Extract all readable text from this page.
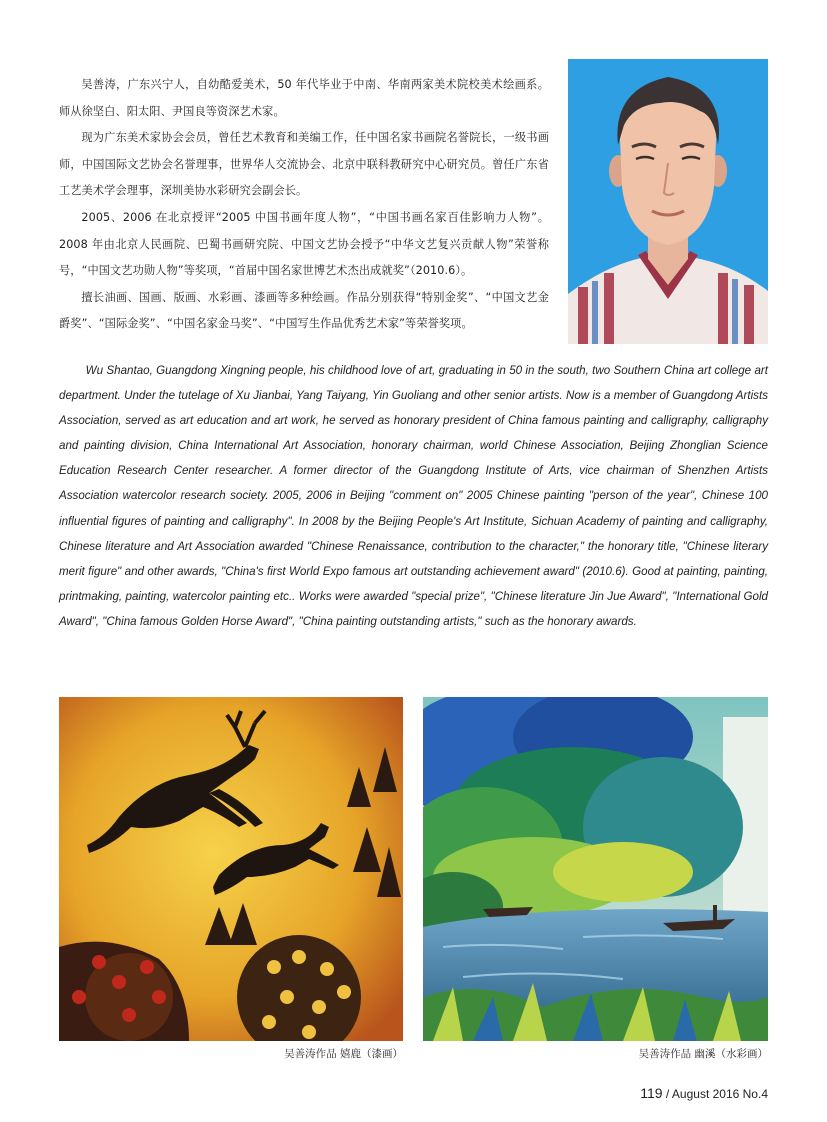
吴善涛，广东兴宁人，自幼酷爱美术，50 年代毕业于中南、华南两家美术院校美术绘画系。师从徐坚白、阳太阳、尹国良等资深艺术家。

现为广东美术家协会会员，曾任艺术教育和美编工作，任中国名家书画院名誉院长，一级书画师，中国国际文艺协会名誉理事，世界华人交流协会、北京中联科教研究中心研究员。曾任广东省工艺美术学会理事，深圳美协水彩研究会副会长。

2005、2006 在北京授评“2005 中国书画年度人物”，“中国书画名家百佳影响力人物”。2008 年由北京人民画院、巴蜀书画研究院、中国文艺协会授予“中华文艺复兴贡献人物”荣誉称号，“中国文艺功勋人物”等奖项，“首届中国名家世博艺术杰出成就奖”（2010.6）。

擅长油画、国画、版画、水彩画、漆画等多种绘画。作品分别获得“特别金奖”、“中国文艺金爵奖”、“国际金奖”、“中国名家金马奖”、“中国写生作品优秀艺术家”等荣誉奖项。

Wu Shantao, Guangdong Xingning people, his childhood love of art, graduating in 50 in the south, two Southern China art college art department. Under the tutelage of Xu Jianbai, Yang Taiyang, Yin Guoliang and other senior artists. Now is a member of Guangdong Artists Association, served as art education and art work, he served as honorary president of China famous painting and calligraphy, calligraphy and painting division, China International Art Association, honorary chairman, world Chinese Association, Beijing Zhonglian Science Education Research Center researcher. A former director of the Guangdong Institute of Arts, vice chairman of Shenzhen Artists Association watercolor research society. 2005, 2006 in Beijing "comment on" 2005 Chinese painting "person of the year", Chinese 100 influential figures of painting and calligraphy". In 2008 by the Beijing People's Art Institute, Sichuan Academy of painting and calligraphy, Chinese literature and Art Association awarded "Chinese Renaissance, contribution to the character," the honorary title, "Chinese literary merit figure" and other awards, "China's first World Expo famous art outstanding achievement award" (2010.6). Good at painting, painting, printmaking, painting, watercolor painting etc.. Works were awarded "special prize", "Chinese literature Jin Jue Award", "International Gold Award", "China famous Golden Horse Award", "China painting outstanding artists," such as the honorary awards.

吴善涛作品 嬉鹿（漆画）	吴善涛作品 幽溪（水彩画）
119 / August 2016 No.4
